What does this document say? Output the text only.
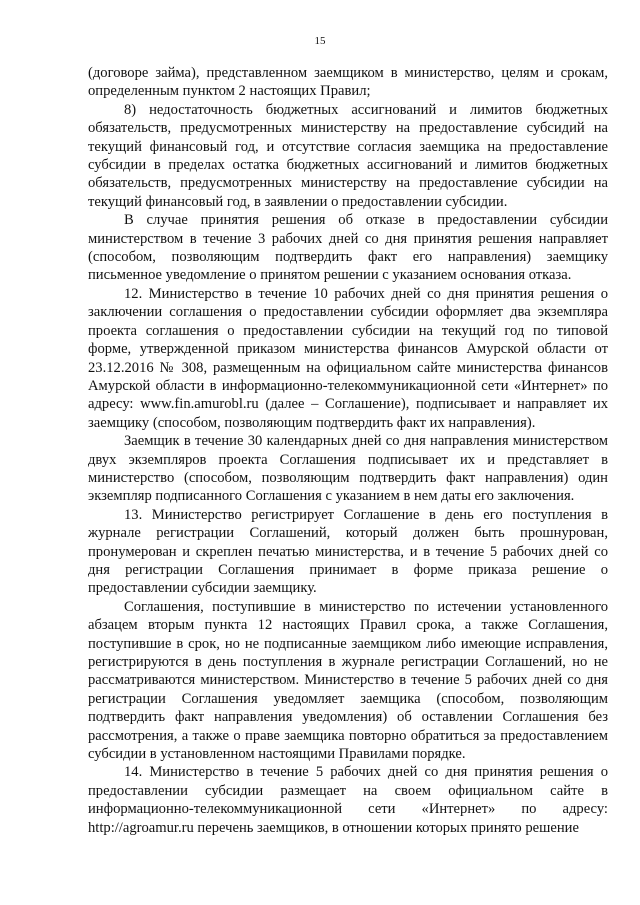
15

(договоре займа), представленном заемщиком в министерство, целям и срокам, определенным пунктом 2 настоящих Правил;

8) недостаточность бюджетных ассигнований и лимитов бюджетных обязательств, предусмотренных министерству на предоставление субсидий на текущий финансовый год, и отсутствие согласия заемщика на предоставление субсидии в пределах остатка бюджетных ассигнований и лимитов бюджетных обязательств, предусмотренных министерству на предоставление субсидии на текущий финансовый год, в заявлении о предоставлении субсидии.

В случае принятия решения об отказе в предоставлении субсидии министерством в течение 3 рабочих дней со дня принятия решения направляет (способом, позволяющим подтвердить факт его направления) заемщику письменное уведомление о принятом решении с указанием основания отказа.

12. Министерство в течение 10 рабочих дней со дня принятия решения о заключении соглашения о предоставлении субсидии оформляет два экземпляра проекта соглашения о предоставлении субсидии на текущий год по типовой форме, утвержденной приказом министерства финансов Амурской области от 23.12.2016 № 308, размещенным на официальном сайте министерства финансов Амурской области в информационно-телекоммуникационной сети «Интернет» по адресу: www.fin.amurobl.ru (далее – Соглашение), подписывает и направляет их заемщику (способом, позволяющим подтвердить факт их направления).

Заемщик в течение 30 календарных дней со дня направления министерством двух экземпляров проекта Соглашения подписывает их и представляет в министерство (способом, позволяющим подтвердить факт направления) один экземпляр подписанного Соглашения с указанием в нем даты его заключения.

13. Министерство регистрирует Соглашение в день его поступления в журнале регистрации Соглашений, который должен быть прошнурован, пронумерован и скреплен печатью министерства, и в течение 5 рабочих дней со дня регистрации Соглашения принимает в форме приказа решение о предоставлении субсидии заемщику.

Соглашения, поступившие в министерство по истечении установленного абзацем вторым пункта 12 настоящих Правил срока, а также Соглашения, поступившие в срок, но не подписанные заемщиком либо имеющие исправления, регистрируются в день поступления в журнале регистрации Соглашений, но не рассматриваются министерством. Министерство в течение 5 рабочих дней со дня регистрации Соглашения уведомляет заемщика (способом, позволяющим подтвердить факт направления уведомления) об оставлении Соглашения без рассмотрения, а также о праве заемщика повторно обратиться за предоставлением субсидии в установленном настоящими Правилами порядке.

14. Министерство в течение 5 рабочих дней со дня принятия решения о предоставлении субсидии размещает на своем официальном сайте в информационно-телекоммуникационной сети «Интернет» по адресу: http://agroamur.ru перечень заемщиков, в отношении которых принято решение
